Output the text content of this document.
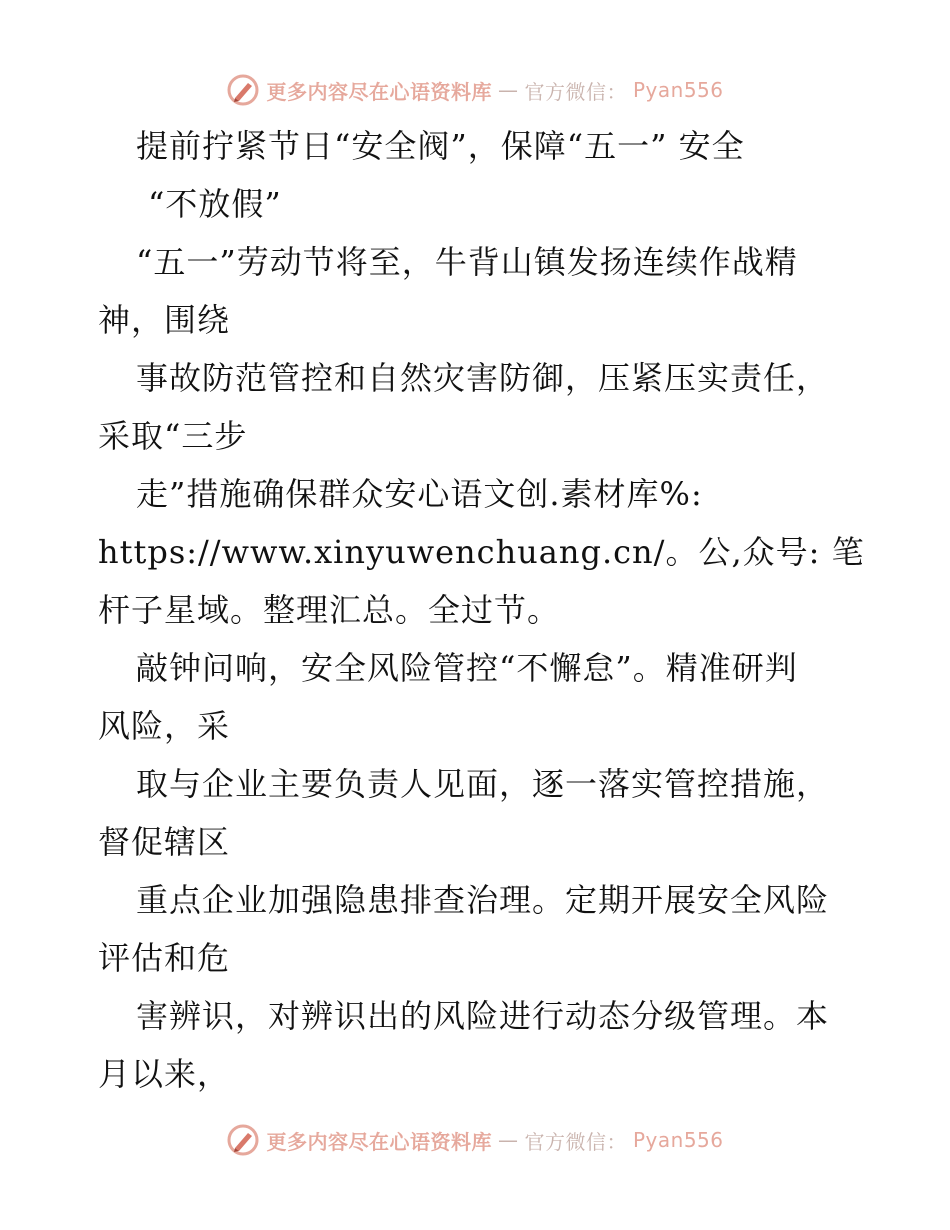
更多内容尽在心语资料库 — 官方微信： Pyan556
提前拧紧节日“安全阀”，保障“五一” 安全
“不放假”
“五一”劳动节将至，牛背山镇发扬连续作战精
神，围绕
事故防范管控和自然灾害防御，压紧压实责任，
采取“三步
走”措施确保群众安心语文创.素材库%:
https://www.xinyuwenchuang.cn/。公,众号: 笔
杆子星域。整理汇总。全过节。
敲钟问响，安全风险管控“不懈怠”。精准研判
风险，采
取与企业主要负责人见面，逐一落实管控措施，
督促辖区
重点企业加强隐患排查治理。定期开展安全风险
评估和危
害辨识，对辨识出的风险进行动态分级管理。本
月以来，
更多内容尽在心语资料库 — 官方微信： Pyan556
